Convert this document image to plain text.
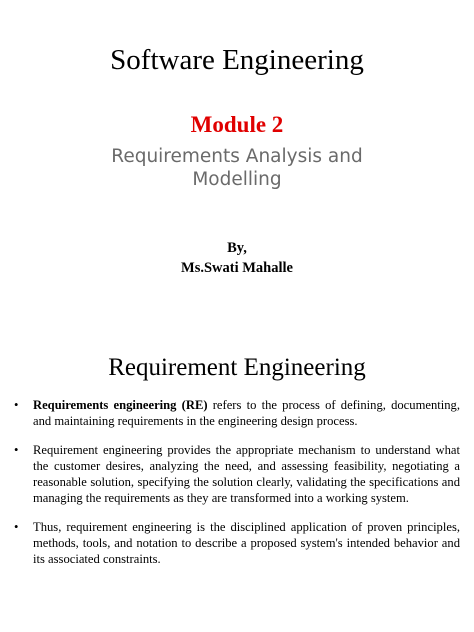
Software Engineering
Module 2
Requirements Analysis and
Modelling

By,

Ms.Swati Mahalle

Requirement Engineering
• Requirements engineering (RE) refers to the process of defining, documenting, and maintaining requirements in the engineering design process.
• Requirement engineering provides the appropriate mechanism to understand what the customer desires, analyzing the need, and assessing feasibility, negotiating a reasonable solution, specifying the solution clearly, validating the specifications and managing the requirements as they are transformed into a working system.
• Thus, requirement engineering is the disciplined application of proven principles, methods, tools, and notation to describe a proposed system's intended behavior and its associated constraints.
